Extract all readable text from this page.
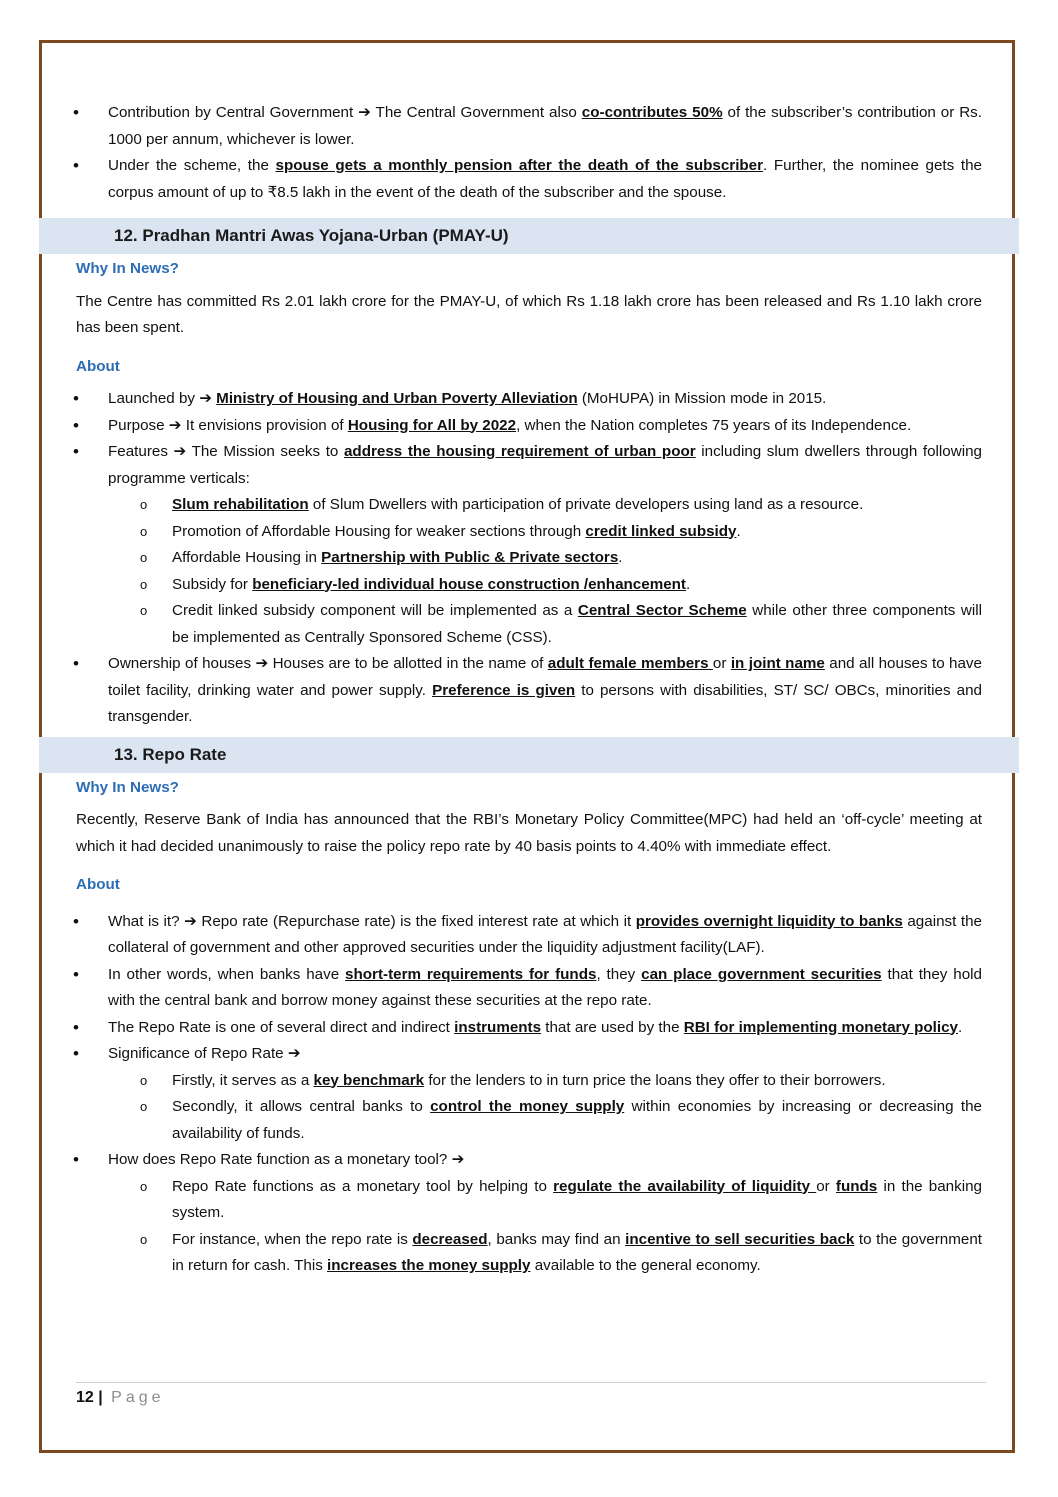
• Contribution by Central Government ➔ The Central Government also co-contributes 50% of the subscriber’s contribution or Rs. 1000 per annum, whichever is lower.
• Under the scheme, the spouse gets a monthly pension after the death of the subscriber. Further, the nominee gets the corpus amount of up to ₹8.5 lakh in the event of the death of the subscriber and the spouse.
12. Pradhan Mantri Awas Yojana-Urban (PMAY-U)
Why In News?

The Centre has committed Rs 2.01 lakh crore for the PMAY-U, of which Rs 1.18 lakh crore has been released and Rs 1.10 lakh crore has been spent.

About
• Launched by ➔ Ministry of Housing and Urban Poverty Alleviation (MoHUPA) in Mission mode in 2015.
• Purpose ➔ It envisions provision of Housing for All by 2022, when the Nation completes 75 years of its Independence.
• Features ➔ The Mission seeks to address the housing requirement of urban poor including slum dwellers through following programme verticals:
o Slum rehabilitation of Slum Dwellers with participation of private developers using land as a resource.
o Promotion of Affordable Housing for weaker sections through credit linked subsidy.
o Affordable Housing in Partnership with Public & Private sectors.
o Subsidy for beneficiary-led individual house construction /enhancement.
o Credit linked subsidy component will be implemented as a Central Sector Scheme while other three components will be implemented as Centrally Sponsored Scheme (CSS).
• Ownership of houses ➔ Houses are to be allotted in the name of adult female members or in joint name and all houses to have toilet facility, drinking water and power supply. Preference is given to persons with disabilities, ST/ SC/ OBCs, minorities and transgender.
13. Repo Rate
Why In News?

Recently, Reserve Bank of India has announced that the RBI’s Monetary Policy Committee(MPC) had held an ‘off-cycle’ meeting at which it had decided unanimously to raise the policy repo rate by 40 basis points to 4.40% with immediate effect.

About
• What is it? ➔ Repo rate (Repurchase rate) is the fixed interest rate at which it provides overnight liquidity to banks against the collateral of government and other approved securities under the liquidity adjustment facility(LAF).
• In other words, when banks have short-term requirements for funds, they can place government securities that they hold with the central bank and borrow money against these securities at the repo rate.
• The Repo Rate is one of several direct and indirect instruments that are used by the RBI for implementing monetary policy.
• Significance of Repo Rate ➔
o Firstly, it serves as a key benchmark for the lenders to in turn price the loans they offer to their borrowers.
o Secondly, it allows central banks to control the money supply within economies by increasing or decreasing the availability of funds.
• How does Repo Rate function as a monetary tool? ➔
o Repo Rate functions as a monetary tool by helping to regulate the availability of liquidity or funds in the banking system.
o For instance, when the repo rate is decreased, banks may find an incentive to sell securities back to the government in return for cash. This increases the money supply available to the general economy.
12 | Page
